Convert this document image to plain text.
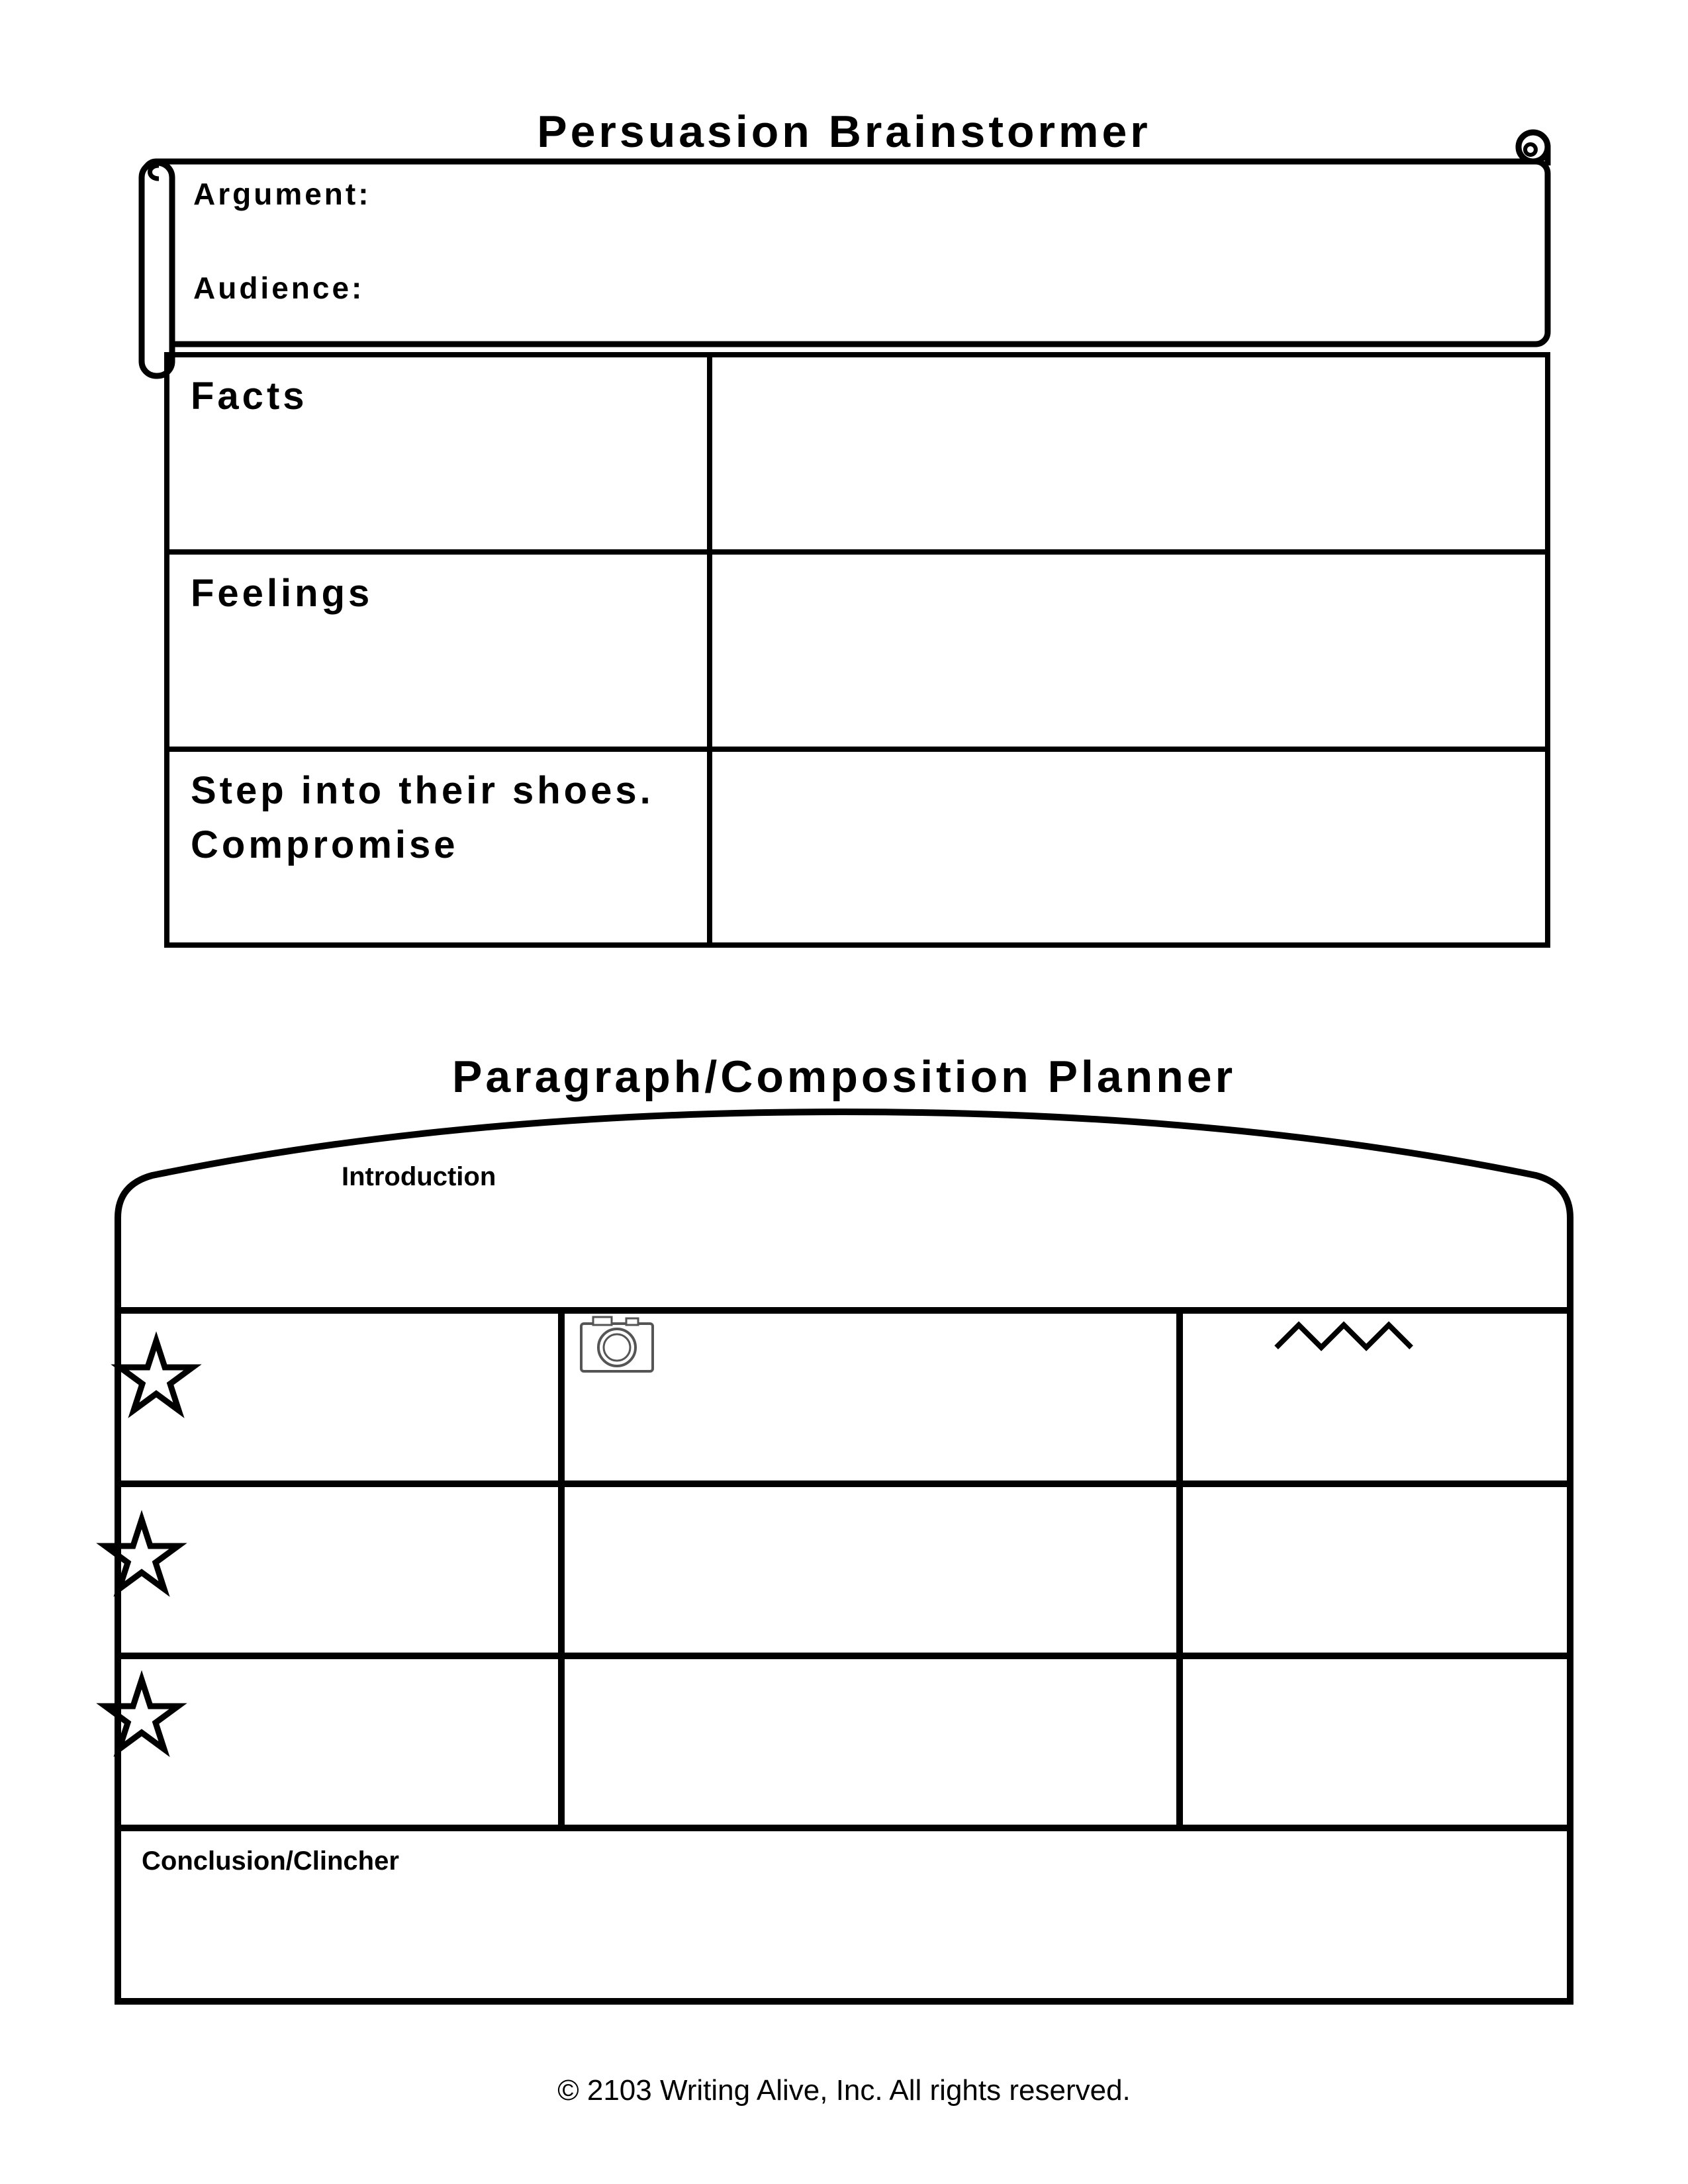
Persuasion Brainstormer
Argument:
Audience:
Facts
Feelings
Step into their shoes.
Compromise
Paragraph/Composition Planner
Introduction
Conclusion/Clincher
© 2103 Writing Alive, Inc. All rights reserved.
